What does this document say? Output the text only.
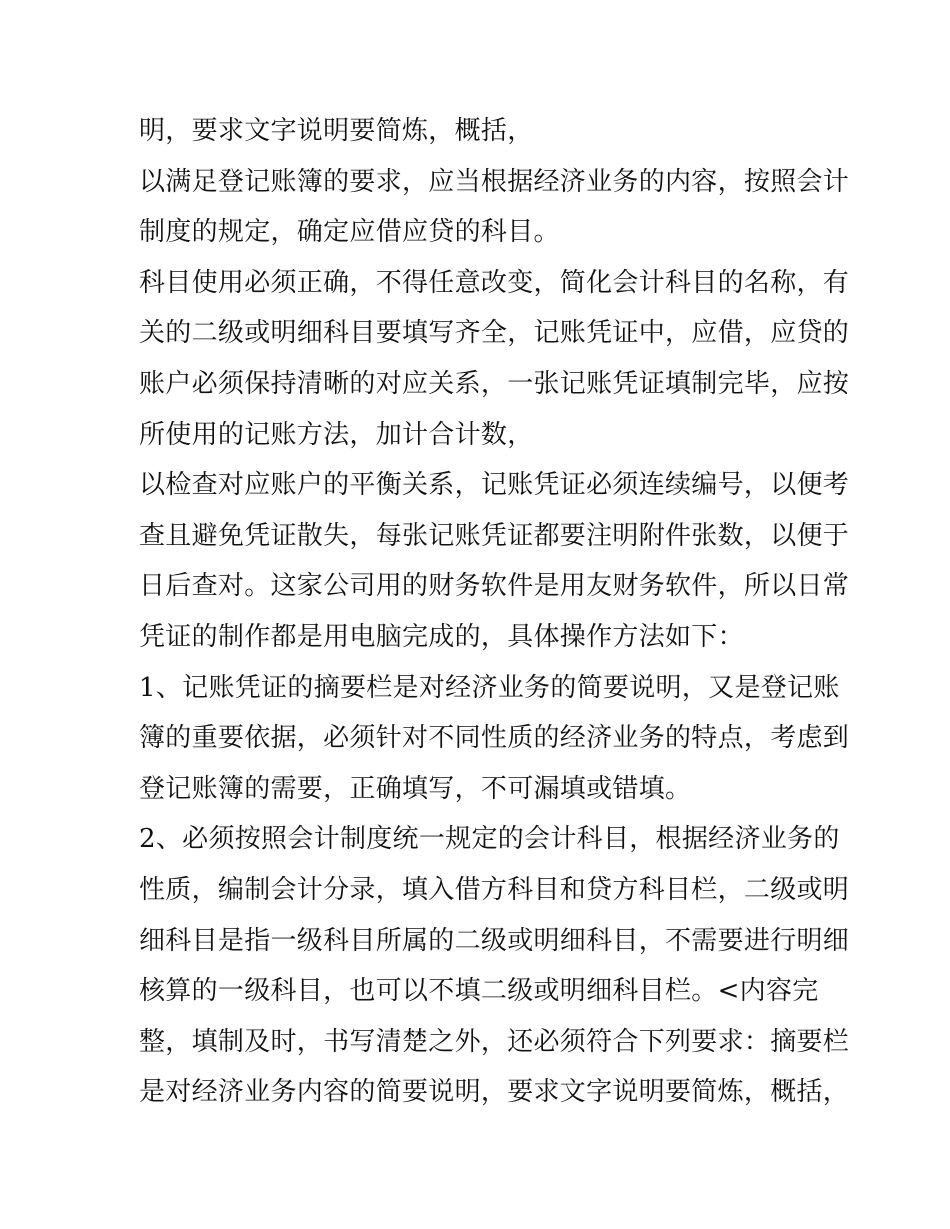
明，要求文字说明要简炼，概括，
以满足登记账簿的要求，应当根据经济业务的内容，按照会计
制度的规定，确定应借应贷的科目。
科目使用必须正确，不得任意改变，简化会计科目的名称，有
关的二级或明细科目要填写齐全，记账凭证中，应借，应贷的
账户必须保持清晰的对应关系，一张记账凭证填制完毕，应按
所使用的记账方法，加计合计数，
以检查对应账户的平衡关系，记账凭证必须连续编号，以便考
查且避免凭证散失，每张记账凭证都要注明附件张数，以便于
日后查对。这家公司用的财务软件是用友财务软件，所以日常
凭证的制作都是用电脑完成的，具体操作方法如下：
1、记账凭证的摘要栏是对经济业务的简要说明，又是登记账
簿的重要依据，必须针对不同性质的经济业务的特点，考虑到
登记账簿的需要，正确填写，不可漏填或错填。
2、必须按照会计制度统一规定的会计科目，根据经济业务的
性质，编制会计分录，填入借方科目和贷方科目栏，二级或明
细科目是指一级科目所属的二级或明细科目，不需要进行明细
核算的一级科目，也可以不填二级或明细科目栏。<内容完
整，填制及时，书写清楚之外，还必须符合下列要求：摘要栏
是对经济业务内容的简要说明，要求文字说明要简炼，概括，
